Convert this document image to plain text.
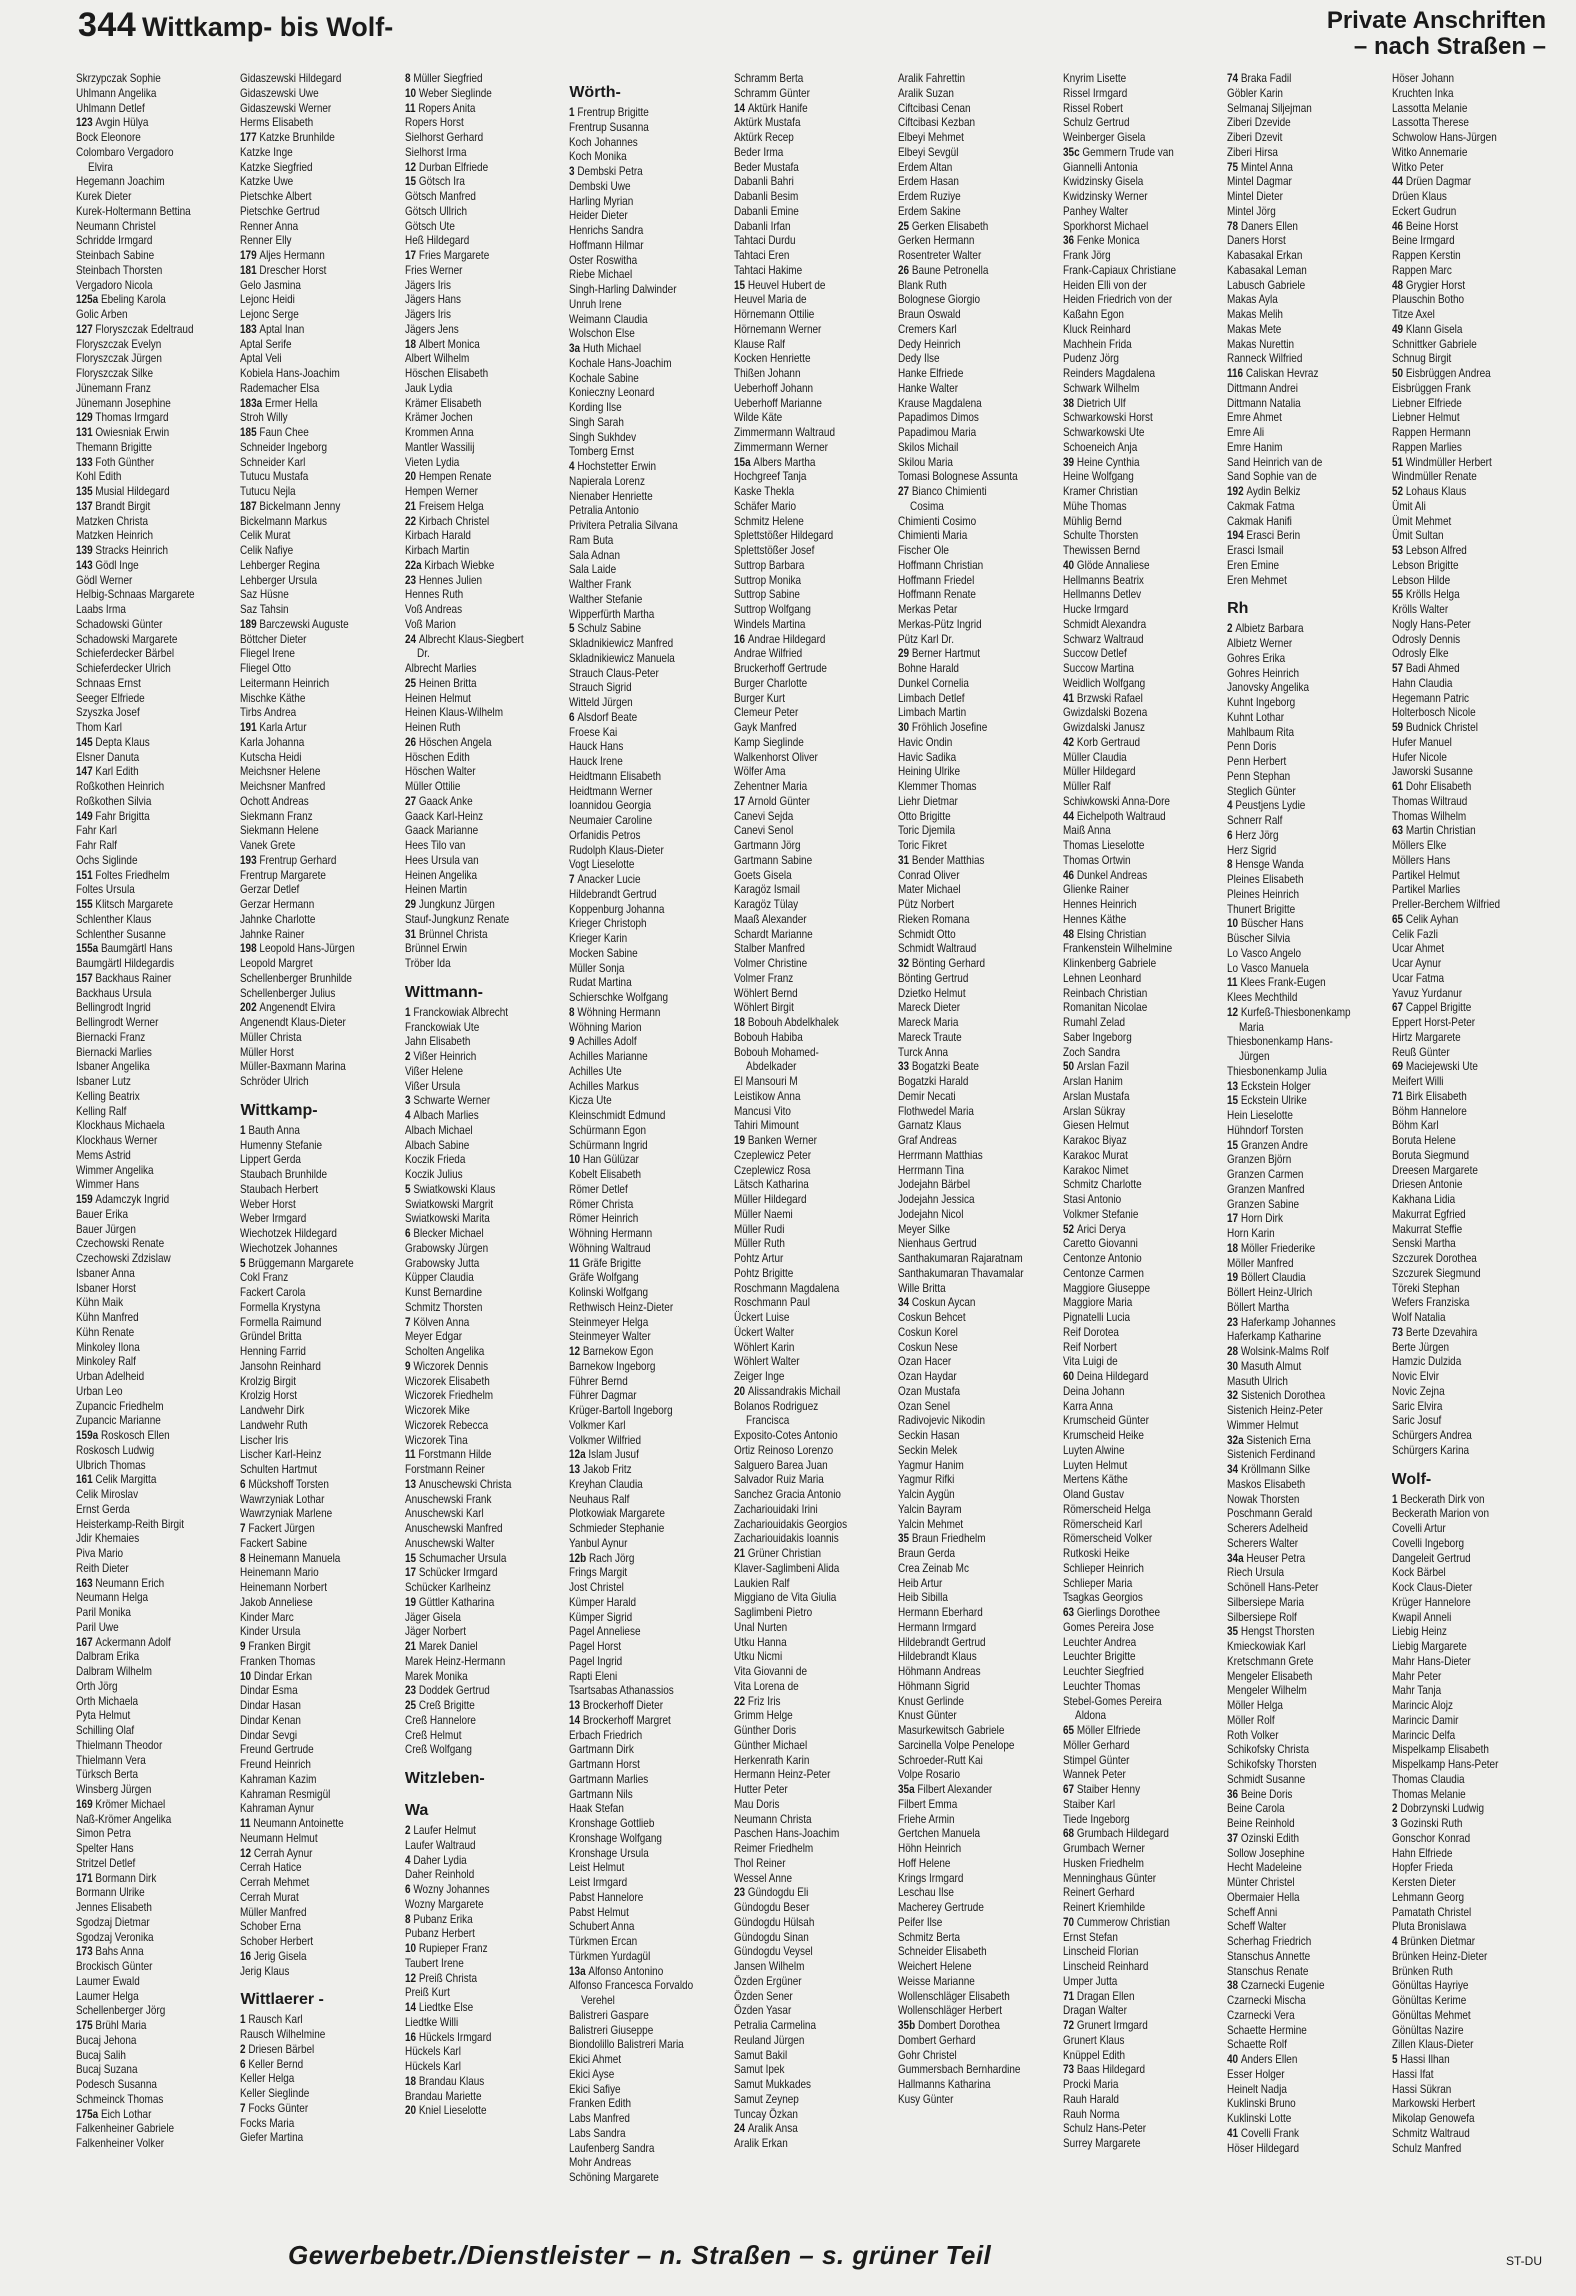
344 Wittkamp- bis Wolf-	Private Anschriften
– nach Straßen –
Skrzypczak Sophie
Uhlmann Angelika
Uhlmann Detlef
123 Avgin Hülya
Bock Eleonore
Colombaro Vergadoro
Elvira
Hegemann Joachim
Kurek Dieter
Kurek-Holtermann Bettina
Neumann Christel
Schridde Irmgard
Steinbach Sabine
Steinbach Thorsten
Vergadoro Nicola
125a Ebeling Karola
Golic Arben
127 Floryszczak Edeltraud
Floryszczak Evelyn
Floryszczak Jürgen
Floryszczak Silke
Jünemann Franz
Jünemann Josephine
129 Thomas Irmgard
131 Owiesniak Erwin
Themann Brigitte
133 Foth Günther
Kohl Edith
135 Musial Hildegard
137 Brandt Birgit
Matzken Christa
Matzken Heinrich
139 Stracks Heinrich
143 Gödl Inge
Gödl Werner
Helbig-Schnaas Margarete
Laabs Irma
Schadowski Günter
Schadowski Margarete
Schieferdecker Bärbel
Schieferdecker Ulrich
Schnaas Ernst
Seeger Elfriede
Szyszka Josef
Thom Karl
145 Depta Klaus
Elsner Danuta
147 Karl Edith
Roßkothen Heinrich
Roßkothen Silvia
149 Fahr Brigitta
Fahr Karl
Fahr Ralf
Ochs Siglinde
151 Foltes Friedhelm
Foltes Ursula
155 Klitsch Margarete
Schlenther Klaus
Schlenther Susanne
155a Baumgärtl Hans
Baumgärtl Hildegardis
157 Backhaus Rainer
Backhaus Ursula
Bellingrodt Ingrid
Bellingrodt Werner
Biernacki Franz
Biernacki Marlies
Isbaner Angelika
Isbaner Lutz
Kelling Beatrix
Kelling Ralf
Klockhaus Michaela
Klockhaus Werner
Mems Astrid
Wimmer Angelika
Wimmer Hans
159 Adamczyk Ingrid
Bauer Erika
Bauer Jürgen
Czechowski Renate
Czechowski Zdzislaw
Isbaner Anna
Isbaner Horst
Kühn Maik
Kühn Manfred
Kühn Renate
Minkoley Ilona
Minkoley Ralf
Urban Adelheid
Urban Leo
Zupancic Friedhelm
Zupancic Marianne
159a Roskosch Ellen
Roskosch Ludwig
Ulbrich Thomas
161 Celik Margitta
Celik Miroslav
Ernst Gerda
Heisterkamp-Reith Birgit
Jdir Khemaies
Piva Mario
Reith Dieter
163 Neumann Erich
Neumann Helga
Paril Monika
Paril Uwe
167 Ackermann Adolf
Dalbram Erika
Dalbram Wilhelm
Orth Jörg
Orth Michaela
Pyta Helmut
Schilling Olaf
Thielmann Theodor
Thielmann Vera
Türksch Berta
Winsberg Jürgen
169 Krömer Michael
Naß-Krömer Angelika
Simon Petra
Spelter Hans
Stritzel Detlef
171 Bormann Dirk
Bormann Ulrike
Jennes Elisabeth
Sgodzaj Dietmar
Sgodzaj Veronika
173 Bahs Anna
Brockisch Günter
Laumer Ewald
Laumer Helga
Schellenberger Jörg
175 Brühl Maria
Bucaj Jehona
Bucaj Salih
Bucaj Suzana
Podesch Susanna
Schmeinck Thomas
175a Eich Lothar
Falkenheiner Gabriele
Falkenheiner Volker
Gidaszewski Hildegard
Gidaszewski Uwe
Gidaszewski Werner
Herms Elisabeth
177 Katzke Brunhilde
Katzke Inge
Katzke Siegfried
Katzke Uwe
Pietschke Albert
Pietschke Gertrud
Renner Anna
Renner Elly
179 Aljes Hermann
181 Drescher Horst
Gelo Jasmina
Lejonc Heidi
Lejonc Serge
183 Aptal Inan
Aptal Serife
Aptal Veli
Kobiela Hans-Joachim
Rademacher Elsa
183a Ermer Hella
Stroh Willy
185 Faun Chee
Schneider Ingeborg
Schneider Karl
Tutucu Mustafa
Tutucu Nejla
187 Bickelmann Jenny
Bickelmann Markus
Celik Murat
Celik Nafiye
Lehberger Regina
Lehberger Ursula
Saz Hüsne
Saz Tahsin
189 Barczewski Auguste
Böttcher Dieter
Fliegel Irene
Fliegel Otto
Leitermann Heinrich
Mischke Käthe
Tirbs Andrea
191 Karla Artur
Karla Johanna
Kutscha Heidi
Meichsner Helene
Meichsner Manfred
Ochott Andreas
Siekmann Franz
Siekmann Helene
Vanek Grete
193 Frentrup Gerhard
Frentrup Margarete
Gerzar Detlef
Gerzar Hermann
Jahnke Charlotte
Jahnke Rainer
198 Leopold Hans-Jürgen
Leopold Margret
Schellenberger Brunhilde
Schellenberger Julius
202 Angenendt Elvira
Angenendt Klaus-Dieter
Müller Christa
Müller Horst
Müller-Baxmann Marina
Schröder Ulrich
Wittkamp-
1 Bauth Anna
Humenny Stefanie
Lippert Gerda
Staubach Brunhilde
Staubach Herbert
Weber Horst
Weber Irmgard
Wiechotzek Hildegard
Wiechotzek Johannes
5 Brüggemann Margarete
Cokl Franz
Fackert Carola
Formella Krystyna
Formella Raimund
Gründel Britta
Henning Farrid
Jansohn Reinhard
Krolzig Birgit
Krolzig Horst
Landwehr Dirk
Landwehr Ruth
Lischer Iris
Lischer Karl-Heinz
Schulten Hartmut
6 Mückshoff Torsten
Wawrzyniak Lothar
Wawrzyniak Marlene
7 Fackert Jürgen
Fackert Sabine
8 Heinemann Manuela
Heinemann Mario
Heinemann Norbert
Jakob Anneliese
Kinder Marc
Kinder Ursula
9 Franken Birgit
Franken Thomas
10 Dindar Erkan
Dindar Esma
Dindar Hasan
Dindar Kenan
Dindar Sevgi
Freund Gertrude
Freund Heinrich
Kahraman Kazim
Kahraman Resmigül
Kahraman Aynur
11 Neumann Antoinette
Neumann Helmut
12 Cerrah Aynur
Cerrah Hatice
Cerrah Mehmet
Cerrah Murat
Müller Manfred
Schober Erna
Schober Herbert
16 Jerig Gisela
Jerig Klaus
Wittlaerer -
1 Rausch Karl
Rausch Wilhelmine
2 Driesen Bärbel
6 Keller Bernd
Keller Helga
Keller Sieglinde
7 Focks Günter
Focks Maria
Giefer Martina
8 Müller Siegfried
10 Weber Sieglinde
11 Ropers Anita
Ropers Horst
Sielhorst Gerhard
Sielhorst Irma
12 Durban Elfriede
15 Götsch Ira
Götsch Manfred
Götsch Ullrich
Götsch Ute
Heß Hildegard
17 Fries Margarete
Fries Werner
Jägers Iris
Jägers Hans
Jägers Iris
Jägers Jens
18 Albert Monica
Albert Wilhelm
Höschen Elisabeth
Jauk Lydia
Krämer Elisabeth
Krämer Jochen
Krommen Anna
Mantler Wassilij
Vieten Lydia
20 Hempen Renate
Hempen Werner
21 Freisem Helga
22 Kirbach Christel
Kirbach Harald
Kirbach Martin
22a Kirbach Wiebke
23 Hennes Julien
Hennes Ruth
Voß Andreas
Voß Marion
24 Albrecht Klaus-Siegbert
Dr.
Albrecht Marlies
25 Heinen Britta
Heinen Helmut
Heinen Klaus-Wilhelm
Heinen Ruth
26 Höschen Angela
Höschen Edith
Höschen Walter
Müller Ottilie
27 Gaack Anke
Gaack Karl-Heinz
Gaack Marianne
Hees Tilo van
Hees Ursula van
Heinen Angelika
Heinen Martin
29 Jungkunz Jürgen
Stauf-Jungkunz Renate
31 Brünnel Christa
Brünnel Erwin
Tröber Ida
Wittmann-
1 Franckowiak Albrecht
Franckowiak Ute
Jahn Elisabeth
2 Vißer Heinrich
Vißer Helene
Vißer Ursula
3 Schwarte Werner
4 Albach Marlies
Albach Michael
Albach Sabine
Koczik Frieda
Koczik Julius
5 Swiatkowski Klaus
Swiatkowski Margrit
Swiatkowski Marita
6 Blecker Michael
Grabowsky Jürgen
Grabowsky Jutta
Küpper Claudia
Kunst Bernardine
Schmitz Thorsten
7 Kölven Anna
Meyer Edgar
Scholten Angelika
9 Wiczorek Dennis
Wiczorek Elisabeth
Wiczorek Friedhelm
Wiczorek Mike
Wiczorek Rebecca
Wiczorek Tina
11 Forstmann Hilde
Forstmann Reiner
13 Anuschewski Christa
Anuschewski Frank
Anuschewski Karl
Anuschewski Manfred
Anuschewski Walter
15 Schumacher Ursula
17 Schücker Irmgard
Schücker Karlheinz
19 Güttler Katharina
Jäger Gisela
Jäger Norbert
21 Marek Daniel
Marek Heinz-Hermann
Marek Monika
23 Doddek Gertrud
25 Creß Brigitte
Creß Hannelore
Creß Helmut
Creß Wolfgang
Witzleben-
Wa
2 Laufer Helmut
Laufer Waltraud
4 Daher Lydia
Daher Reinhold
6 Wozny Johannes
Wozny Margarete
8 Pubanz Erika
Pubanz Herbert
10 Rupieper Franz
Taubert Irene
12 Preiß Christa
Preiß Kurt
14 Liedtke Else
Liedtke Willi
16 Hückels Irmgard
Hückels Karl
Hückels Karl
18 Brandau Klaus
Brandau Mariette
20 Kniel Lieselotte
Wörth-
1 Frentrup Brigitte
Frentrup Susanna
Koch Johannes
Koch Monika
3 Dembski Petra
Dembski Uwe
Harling Myrian
Heider Dieter
Henrichs Sandra
Hoffmann Hilmar
Oster Roswitha
Riebe Michael
Singh-Harling Dalwinder
Unruh Irene
Weimann Claudia
Wolschon Else
3a Huth Michael
Kochale Hans-Joachim
Kochale Sabine
Konieczny Leonard
Kording Ilse
Singh Sarah
Singh Sukhdev
Tomberg Ernst
4 Hochstetter Erwin
Napierala Lorenz
Nienaber Henriette
Petralia Antonio
Privitera Petralia Silvana
Ram Buta
Sala Adnan
Sala Laide
Walther Frank
Walther Stefanie
Wipperfürth Martha
5 Schulz Sabine
Skladnikiewicz Manfred
Skladnikiewicz Manuela
Strauch Claus-Peter
Strauch Sigrid
Witteld Jürgen
6 Alsdorf Beate
Froese Kai
Hauck Hans
Hauck Irene
Heidtmann Elisabeth
Heidtmann Werner
Ioannidou Georgia
Neumaier Caroline
Orfanidis Petros
Rudolph Klaus-Dieter
Vogt Lieselotte
7 Anacker Lucie
Hildebrandt Gertrud
Koppenburg Johanna
Krieger Christoph
Krieger Karin
Mocken Sabine
Müller Sonja
Rudat Martina
Schierschke Wolfgang
8 Wöhning Hermann
Wöhning Marion
9 Achilles Adolf
Achilles Marianne
Achilles Ute
Achilles Markus
Kicza Ute
Kleinschmidt Edmund
Schürmann Egon
Schürmann Ingrid
10 Han Gülüzar
Kobelt Elisabeth
Römer Detlef
Römer Christa
Römer Heinrich
Wöhning Hermann
Wöhning Waltraud
11 Gräfe Brigitte
Gräfe Wolfgang
Kolinski Wolfgang
Rethwisch Heinz-Dieter
Steinmeyer Helga
Steinmeyer Walter
12 Barnekow Egon
Barnekow Ingeborg
Führer Bernd
Führer Dagmar
Krüger-Bartoll Ingeborg
Volkmer Karl
Volkmer Wilfried
12a Islam Jusuf
13 Jakob Fritz
Kreyhan Claudia
Neuhaus Ralf
Plotkowiak Margarete
Schmieder Stephanie
Yanbul Aynur
12b Rach Jörg
Frings Margit
Jost Christel
Kümper Harald
Kümper Sigrid
Pagel Anneliese
Pagel Horst
Pagel Ingrid
Rapti Eleni
Tsartsabas Athanassios
13 Brockerhoff Dieter
14 Brockerhoff Margret
Erbach Friedrich
Gartmann Dirk
Gartmann Horst
Gartmann Marlies
Gartmann Nils
Haak Stefan
Kronshage Gottlieb
Kronshage Wolfgang
Kronshage Ursula
Leist Helmut
Leist Irmgard
Pabst Hannelore
Pabst Helmut
Schubert Anna
Türkmen Ercan
Türkmen Yurdagül
13a Alfonso Antonino
Alfonso Francesca Forvaldo
Verehel
Balistreri Gaspare
Balistreri Giuseppe
Biondolillo Balistreri Maria
Ekici Ahmet
Ekici Ayse
Ekici Safiye
Franken Edith
Labs Manfred
Labs Sandra
Laufenberg Sandra
Mohr Andreas
Schöning Margarete
Schramm Berta
Schramm Günter
14 Aktürk Hanife
Aktürk Mustafa
Aktürk Recep
Beder Irma
Beder Mustafa
Dabanli Bahri
Dabanli Besim
Dabanli Emine
Dabanli Irfan
Tahtaci Durdu
Tahtaci Eren
Tahtaci Hakime
15 Heuvel Hubert de
Heuvel Maria de
Hörnemann Ottilie
Hörnemann Werner
Klause Ralf
Kocken Henriette
Thißen Johann
Ueberhoff Johann
Ueberhoff Marianne
Wilde Käte
Zimmermann Waltraud
Zimmermann Werner
15a Albers Martha
Hochgreef Tanja
Kaske Thekla
Schäfer Mario
Schmitz Helene
Splettstößer Hildegard
Splettstößer Josef
Suttrop Barbara
Suttrop Monika
Suttrop Sabine
Suttrop Wolfgang
Windels Martina
16 Andrae Hildegard
Andrae Wilfried
Bruckerhoff Gertrude
Burger Charlotte
Burger Kurt
Clemeur Peter
Gayk Manfred
Kamp Sieglinde
Walkenhorst Oliver
Wölfer Ama
Zehentner Maria
17 Arnold Günter
Canevi Sejda
Canevi Senol
Gartmann Jörg
Gartmann Sabine
Goets Gisela
Karagöz Ismail
Karagöz Tülay
Maaß Alexander
Schardt Marianne
Stalber Manfred
Volmer Christine
Volmer Franz
Wöhlert Bernd
Wöhlert Birgit
18 Bobouh Abdelkhalek
Bobouh Habiba
Bobouh Mohamed-
Abdelkader
El Mansouri M
Leistikow Anna
Mancusi Vito
Tahiri Mimount
19 Banken Werner
Czeplewicz Peter
Czeplewicz Rosa
Lätsch Katharina
Müller Hildegard
Müller Naemi
Müller Rudi
Müller Ruth
Pohtz Artur
Pohtz Brigitte
Roschmann Magdalena
Roschmann Paul
Ückert Luise
Ückert Walter
Wöhlert Karin
Wöhlert Walter
Zeiger Inge
20 Alissandrakis Michail
Bolanos Rodriguez
Francisca
Exposito-Cotes Antonio
Ortiz Reinoso Lorenzo
Salguero Barea Juan
Salvador Ruiz Maria
Sanchez Gracia Antonio
Zachariouidaki Irini
Zachariouidakis Georgios
Zachariouidakis Ioannis
21 Grüner Christian
Klaver-Saglimbeni Alida
Laukien Ralf
Miggiano de Vita Giulia
Saglimbeni Pietro
Unal Nurten
Utku Hanna
Utku Nicmi
Vita Giovanni de
Vita Lorena de
22 Friz Iris
Grimm Helge
Günther Doris
Günther Michael
Herkenrath Karin
Hermann Heinz-Peter
Hutter Peter
Mau Doris
Neumann Christa
Paschen Hans-Joachim
Reimer Friedhelm
Thol Reiner
Wessel Anne
23 Gündogdu Eli
Gündogdu Beser
Gündogdu Hülsah
Gündogdu Sinan
Gündogdu Veysel
Jansen Wilhelm
Özden Ergüner
Özden Sener
Özden Yasar
Petralia Carmelina
Reuland Jürgen
Samut Bakil
Samut Ipek
Samut Mukkades
Samut Zeynep
Tuncay Özkan
24 Aralik Ansa
Aralik Erkan
Aralik Fahrettin
Aralik Suzan
Ciftcibasi Cenan
Ciftcibasi Kezban
Elbeyi Mehmet
Elbeyi Sevgül
Erdem Altan
Erdem Hasan
Erdem Ruziye
Erdem Sakine
25 Gerken Elisabeth
Gerken Hermann
Rosentreter Walter
26 Baune Petronella
Blank Ruth
Bolognese Giorgio
Braun Oswald
Cremers Karl
Dedy Heinrich
Dedy Ilse
Hanke Elfriede
Hanke Walter
Krause Magdalena
Papadimos Dimos
Papadimou Maria
Skilos Michail
Skilou Maria
Tomasi Bolognese Assunta
27 Bianco Chimienti
Cosima
Chimienti Cosimo
Chimienti Maria
Fischer Ole
Hoffmann Christian
Hoffmann Friedel
Hoffmann Renate
Merkas Petar
Merkas-Pütz Ingrid
Pütz Karl Dr.
29 Berner Hartmut
Bohne Harald
Dunkel Cornelia
Limbach Detlef
Limbach Martin
30 Fröhlich Josefine
Havic Ondin
Havic Sadika
Heining Ulrike
Klemmer Thomas
Liehr Dietmar
Otto Brigitte
Toric Djemila
Toric Fikret
31 Bender Matthias
Conrad Oliver
Mater Michael
Pütz Norbert
Rieken Romana
Schmidt Otto
Schmidt Waltraud
32 Bönting Gerhard
Bönting Gertrud
Dzietko Helmut
Mareck Dieter
Mareck Maria
Mareck Traute
Turck Anna
33 Bogatzki Beate
Bogatzki Harald
Demir Necati
Flothwedel Maria
Garnatz Klaus
Graf Andreas
Herrmann Matthias
Herrmann Tina
Jodejahn Bärbel
Jodejahn Jessica
Jodejahn Nicol
Meyer Silke
Nienhaus Gertrud
Santhakumaran Rajaratnam
Santhakumaran Thavamalar
Wille Britta
34 Coskun Aycan
Coskun Behcet
Coskun Korel
Coskun Nese
Ozan Hacer
Ozan Haydar
Ozan Mustafa
Ozan Senel
Radivojevic Nikodin
Seckin Hasan
Seckin Melek
Yagmur Hanim
Yagmur Rifki
Yalcin Aygün
Yalcin Bayram
Yalcin Mehmet
35 Braun Friedhelm
Braun Gerda
Crea Zeinab Mc
Heib Artur
Heib Sibilla
Hermann Eberhard
Hermann Irmgard
Hildebrandt Gertrud
Hildebrandt Klaus
Höhmann Andreas
Höhmann Sigrid
Knust Gerlinde
Knust Günter
Masurkewitsch Gabriele
Sarcinella Volpe Penelope
Schroeder-Rutt Kai
Volpe Rosario
35a Filbert Alexander
Filbert Emma
Friehe Armin
Gertchen Manuela
Höhn Heinrich
Hoff Helene
Krings Irmgard
Leschau Ilse
Macherey Gertrude
Peifer Ilse
Schmitz Berta
Schneider Elisabeth
Weichert Helene
Weisse Marianne
Wollenschläger Elisabeth
Wollenschläger Herbert
35b Dombert Dorothea
Dombert Gerhard
Gohr Christel
Gummersbach Bernhardine
Hallmanns Katharina
Kusy Günter
Knyrim Lisette
Rissel Irmgard
Rissel Robert
Schulz Gertrud
Weinberger Gisela
35c Gemmern Trude van
Giannelli Antonia
Kwidzinsky Gisela
Kwidzinsky Werner
Panhey Walter
Sporkhorst Michael
36 Fenke Monica
Frank Jörg
Frank-Capiaux Christiane
Heiden Elli von der
Heiden Friedrich von der
Kaßahn Egon
Kluck Reinhard
Machhein Frida
Pudenz Jörg
Reinders Magdalena
Schwark Wilhelm
38 Dietrich Ulf
Schwarkowski Horst
Schwarkowski Ute
Schoeneich Anja
39 Heine Cynthia
Heine Wolfgang
Kramer Christian
Mühe Thomas
Mühlig Bernd
Schulte Thorsten
Thewissen Bernd
40 Glöde Annaliese
Hellmanns Beatrix
Hellmanns Detlev
Hucke Irmgard
Schmidt Alexandra
Schwarz Waltraud
Succow Detlef
Succow Martina
Weidlich Wolfgang
41 Brzwski Rafael
Gwizdalski Bozena
Gwizdalski Janusz
42 Korb Gertraud
Müller Claudia
Müller Hildegard
Müller Ralf
Schiwkowski Anna-Dore
44 Eichelpoth Waltraud
Maiß Anna
Thomas Lieselotte
Thomas Ortwin
46 Dunkel Andreas
Glienke Rainer
Hennes Heinrich
Hennes Käthe
48 Elsing Christian
Frankenstein Wilhelmine
Klinkenberg Gabriele
Lehnen Leonhard
Reinbach Christian
Romanitan Nicolae
Rumahl Zelad
Saber Ingeborg
Zoch Sandra
50 Arslan Fazil
Arslan Hanim
Arslan Mustafa
Arslan Sükray
Giesen Helmut
Karakoc Biyaz
Karakoc Murat
Karakoc Nimet
Schmitz Charlotte
Stasi Antonio
Volkmer Stefanie
52 Arici Derya
Caretto Giovanni
Centonze Antonio
Centonze Carmen
Maggiore Giuseppe
Maggiore Maria
Pignatelli Lucia
Reif Dorotea
Reif Norbert
Vita Luigi de
60 Deina Hildegard
Deina Johann
Karra Anna
Krumscheid Günter
Krumscheid Heike
Luyten Alwine
Luyten Helmut
Mertens Käthe
Oland Gustav
Römerscheid Helga
Römerscheid Karl
Römerscheid Volker
Rutkoski Heike
Schlieper Heinrich
Schlieper Maria
Tsagkas Georgios
63 Gierlings Dorothee
Gomes Pereira Jose
Leuchter Andrea
Leuchter Brigitte
Leuchter Siegfried
Leuchter Thomas
Stebel-Gomes Pereira
Aldona
65 Möller Elfriede
Möller Gerhard
Stimpel Günter
Wannek Peter
67 Staiber Henny
Staiber Karl
Tiede Ingeborg
68 Grumbach Hildegard
Grumbach Werner
Husken Friedhelm
Menninghaus Günter
Reinert Gerhard
Reinert Kriemhilde
70 Cummerow Christian
Ernst Stefan
Linscheid Florian
Linscheid Reinhard
Umper Jutta
71 Dragan Ellen
Dragan Walter
72 Grunert Irmgard
Grunert Klaus
Knüppel Edith
73 Baas Hildegard
Procki Maria
Rauh Harald
Rauh Norma
Schulz Hans-Peter
Surrey Margarete
74 Braka Fadil
Göbler Karin
Selmanaj Siljejman
Ziberi Dzevide
Ziberi Dzevit
Ziberi Hirsa
75 Mintel Anna
Mintel Dagmar
Mintel Dieter
Mintel Jörg
78 Daners Ellen
Daners Horst
Kabasakal Erkan
Kabasakal Leman
Labusch Gabriele
Makas Ayla
Makas Melih
Makas Mete
Makas Nurettin
Ranneck Wilfried
116 Caliskan Hevraz
Dittmann Andrei
Dittmann Natalia
Emre Ahmet
Emre Ali
Emre Hanim
Sand Heinrich van de
Sand Sophie van de
192 Aydin Belkiz
Cakmak Fatma
Cakmak Hanifi
194 Erasci Berin
Erasci Ismail
Eren Emine
Eren Mehmet
Rh
2 Albietz Barbara
Albietz Werner
Gohres Erika
Gohres Heinrich
Janovsky Angelika
Kuhnt Ingeborg
Kuhnt Lothar
Mahlbaum Rita
Penn Doris
Penn Herbert
Penn Stephan
Steglich Günter
4 Peustjens Lydie
Schnerr Ralf
6 Herz Jörg
Herz Sigrid
8 Hensge Wanda
Pleines Elisabeth
Pleines Heinrich
Thunert Brigitte
10 Büscher Hans
Büscher Silvia
Lo Vasco Angelo
Lo Vasco Manuela
11 Klees Frank-Eugen
Klees Mechthild
12 Kurfeß-Thiesbonenkamp
Maria
Thiesbonenkamp Hans-
Jürgen
Thiesbonenkamp Julia
13 Eckstein Holger
15 Eckstein Ulrike
Hein Lieselotte
Hühndorf Torsten
15 Granzen Andre
Granzen Björn
Granzen Carmen
Granzen Manfred
Granzen Sabine
17 Horn Dirk
Horn Karin
18 Möller Friederike
Möller Manfred
19 Böllert Claudia
Böllert Heinz-Ulrich
Böllert Martha
23 Haferkamp Johannes
Haferkamp Katharine
28 Wolsink-Malms Rolf
30 Masuth Almut
Masuth Ulrich
32 Sistenich Dorothea
Sistenich Heinz-Peter
Wimmer Helmut
32a Sistenich Erna
Sistenich Ferdinand
34 Kröllmann Silke
Maskos Elisabeth
Nowak Thorsten
Poschmann Gerald
Scherers Adelheid
Scherers Walter
34a Heuser Petra
Riech Ursula
Schönell Hans-Peter
Silbersiepe Maria
Silbersiepe Rolf
35 Hengst Thorsten
Kmieckowiak Karl
Kretschmann Grete
Mengeler Elisabeth
Mengeler Wilhelm
Möller Helga
Möller Rolf
Roth Volker
Schikofsky Christa
Schikofsky Thorsten
Schmidt Susanne
36 Beine Doris
Beine Carola
Beine Reinhold
37 Ozinski Edith
Sollow Josephine
Hecht Madeleine
Münter Christel
Obermaier Hella
Scheff Anni
Scheff Walter
Scherhag Friedrich
Stanschus Annette
Stanschus Renate
38 Czarnecki Eugenie
Czarnecki Mischa
Czarnecki Vera
Schaette Hermine
Schaette Rolf
40 Anders Ellen
Esser Holger
Heinelt Nadja
Kuklinski Bruno
Kuklinski Lotte
41 Covelli Frank
Höser Hildegard
Höser Johann
Kruchten Inka
Lassotta Melanie
Lassotta Therese
Schwolow Hans-Jürgen
Witko Annemarie
Witko Peter
44 Drüen Dagmar
Drüen Klaus
Eckert Gudrun
46 Beine Horst
Beine Irmgard
Rappen Kerstin
Rappen Marc
48 Grygier Horst
Plauschin Botho
Titze Axel
49 Klann Gisela
Schnittker Gabriele
Schnug Birgit
50 Eisbrüggen Andrea
Eisbrüggen Frank
Liebner Elfriede
Liebner Helmut
Rappen Hermann
Rappen Marlies
51 Windmüller Herbert
Windmüller Renate
52 Lohaus Klaus
Ümit Ali
Ümit Mehmet
Ümit Sultan
53 Lebson Alfred
Lebson Brigitte
Lebson Hilde
55 Krölls Helga
Krölls Walter
Nogly Hans-Peter
Odrosly Dennis
Odrosly Elke
57 Badi Ahmed
Hahn Claudia
Hegemann Patric
Holterbosch Nicole
59 Budnick Christel
Hufer Manuel
Hufer Nicole
Jaworski Susanne
61 Dohr Elisabeth
Thomas Wiltraud
Thomas Wilhelm
63 Martin Christian
Möllers Elke
Möllers Hans
Partikel Helmut
Partikel Marlies
Preller-Berchem Wilfried
65 Celik Ayhan
Celik Fazli
Ucar Ahmet
Ucar Aynur
Ucar Fatma
Yavuz Yurdanur
67 Cappel Brigitte
Eppert Horst-Peter
Hirtz Margarete
Reuß Günter
69 Maciejewski Ute
Meifert Willi
71 Birk Elisabeth
Böhm Hannelore
Böhm Karl
Boruta Helene
Boruta Siegmund
Dreesen Margarete
Driesen Antonie
Kakhana Lidia
Makurrat Egfried
Makurrat Steffie
Senski Martha
Szczurek Dorothea
Szczurek Siegmund
Töreki Stephan
Wefers Franziska
Wolf Natalia
73 Berte Dzevahira
Berte Jürgen
Hamzic Dulzida
Novic Elvir
Novic Zejna
Saric Elvira
Saric Josuf
Schürgers Andrea
Schürgers Karina
Wolf-
1 Beckerath Dirk von
Beckerath Marion von
Covelli Artur
Covelli Ingeborg
Dangeleit Gertrud
Kock Bärbel
Kock Claus-Dieter
Krüger Hannelore
Kwapil Anneli
Liebig Heinz
Liebig Margarete
Mahr Hans-Dieter
Mahr Peter
Mahr Tanja
Marincic Alojz
Marincic Damir
Marincic Delfa
Mispelkamp Elisabeth
Mispelkamp Hans-Peter
Thomas Claudia
Thomas Melanie
2 Dobrzynski Ludwig
3 Gozinski Ruth
Gonschor Konrad
Hahn Elfriede
Hopfer Frieda
Kersten Dieter
Lehmann Georg
Pamatath Christel
Pluta Bronislawa
4 Brünken Dietmar
Brünken Heinz-Dieter
Brünken Ruth
Gönültas Hayriye
Gönültas Kerime
Gönültas Mehmet
Gönültas Nazire
Zillen Klaus-Dieter
5 Hassi Ilhan
Hassi Ifat
Hassi Sükran
Markowski Herbert
Mikolap Genowefa
Schmitz Waltraud
Schulz Manfred
Gewerbebetr./Dienstleister – n. Straßen – s. grüner Teil	ST-DU
